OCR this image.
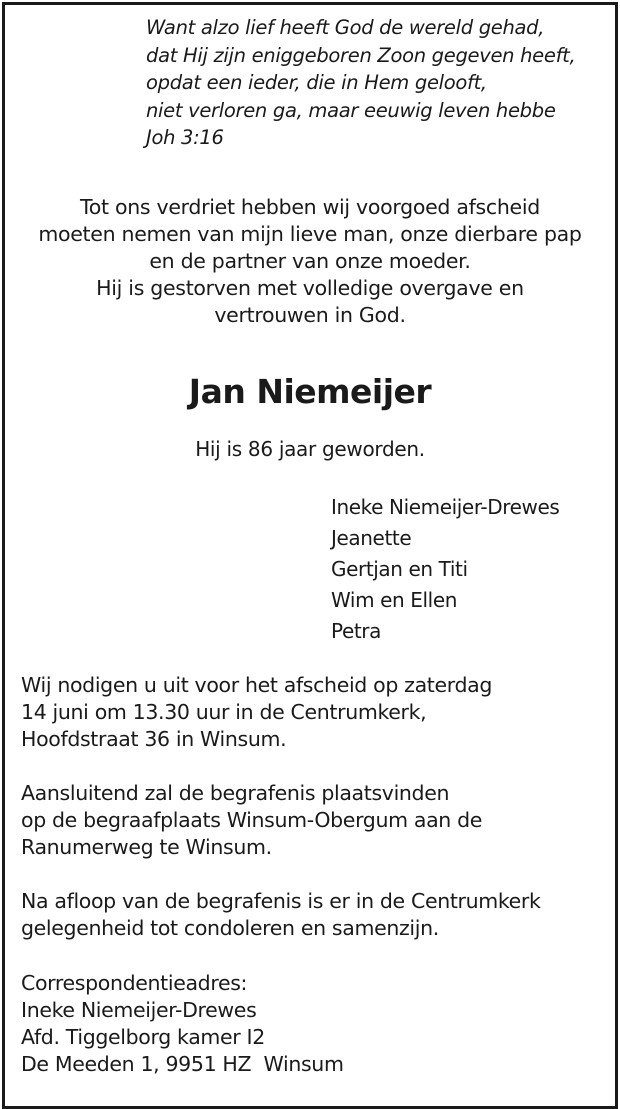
Want alzo lief heeft God de wereld gehad,
dat Hij zijn eniggeboren Zoon gegeven heeft,
opdat een ieder, die in Hem gelooft,
niet verloren ga, maar eeuwig leven hebbe
Joh 3:16
Tot ons verdriet hebben wij voorgoed afscheid
moeten nemen van mijn lieve man, onze dierbare pap
en de partner van onze moeder.
Hij is gestorven met volledige overgave en
vertrouwen in God.
Jan Niemeijer
Hij is 86 jaar geworden.
Ineke Niemeijer-Drewes
Jeanette
Gertjan en Titi
Wim en Ellen
Petra
Wij nodigen u uit voor het afscheid op zaterdag
14 juni om 13.30 uur in de Centrumkerk,
Hoofdstraat 36 in Winsum.
Aansluitend zal de begrafenis plaatsvinden
op de begraafplaats Winsum-Obergum aan de
Ranumerweg te Winsum.
Na afloop van de begrafenis is er in de Centrumkerk
gelegenheid tot condoleren en samenzijn.
Correspondentieadres:
Ineke Niemeijer-Drewes
Afd. Tiggelborg kamer I2
De Meeden 1, 9951 HZ  Winsum
